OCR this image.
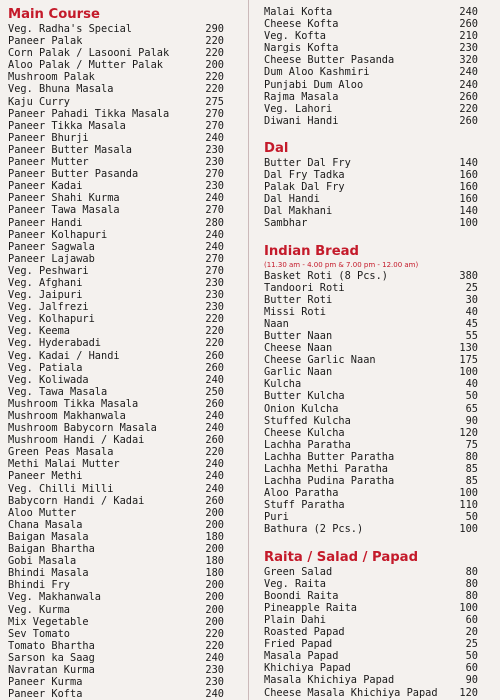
Main Course
Veg. Radha's Special	290
Paneer Palak	220
Corn Palak / Lasooni Palak	220
Aloo Palak / Mutter Palak	200
Mushroom Palak	220
Veg. Bhuna Masala	220
Kaju Curry	275
Paneer Pahadi Tikka Masala	270
Paneer Tikka Masala	270
Paneer Bhurji	240
Paneer Butter Masala	230
Paneer Mutter	230
Paneer Butter Pasanda	270
Paneer Kadai	230
Paneer Shahi Kurma	240
Paneer Tawa Masala	270
Paneer Handi	280
Paneer Kolhapuri	240
Paneer Sagwala	240
Paneer Lajawab	270
Veg. Peshwari	270
Veg. Afghani	230
Veg. Jaipuri	230
Veg. Jalfrezi	230
Veg. Kolhapuri	220
Veg. Keema	220
Veg. Hyderabadi	220
Veg. Kadai / Handi	260
Veg. Patiala	260
Veg. Koliwada	240
Veg. Tawa Masala	250
Mushroom Tikka Masala	260
Mushroom Makhanwala	240
Mushroom Babycorn Masala	240
Mushroom Handi / Kadai	260
Green Peas Masala	220
Methi Malai Mutter	240
Paneer Methi	240
Veg. Chilli Milli	240
Babycorn Handi / Kadai	260
Aloo Mutter	200
Chana Masala	200
Baigan Masala	180
Baigan Bhartha	200
Gobi Masala	180
Bhindi Masala	180
Bhindi Fry	200
Veg. Makhanwala	200
Veg. Kurma	200
Mix Vegetable	200
Sev Tomato	220
Tomato Bhartha	220
Sarson ka Saag	240
Navratan Kurma	230
Paneer Kurma	230
Paneer Kofta	240
Malai Kofta	240
Cheese Kofta	260
Veg. Kofta	210
Nargis Kofta	230
Cheese Butter Pasanda	320
Dum Aloo Kashmiri	240
Punjabi Dum Aloo	240
Rajma Masala	260
Veg. Lahori	220
Diwani Handi	260
Dal
Butter Dal Fry	140
Dal Fry Tadka	160
Palak Dal Fry	160
Dal Handi	160
Dal Makhani	140
Sambhar	100
Indian Bread
(11.30 am - 4.00 pm & 7.00 pm - 12.00 am)
Basket Roti (8 Pcs.)	380
Tandoori Roti	25
Butter Roti	30
Missi Roti	40
Naan	45
Butter Naan	55
Cheese Naan	130
Cheese Garlic Naan	175
Garlic Naan	100
Kulcha	40
Butter Kulcha	50
Onion Kulcha	65
Stuffed Kulcha	90
Cheese Kulcha	120
Lachha Paratha	75
Lachha Butter Paratha	80
Lachha Methi Paratha	85
Lachha Pudina Paratha	85
Aloo Paratha	100
Stuff Paratha	110
Puri	50
Bathura (2 Pcs.)	100
Raita / Salad / Papad
Green Salad	80
Veg. Raita	80
Boondi Raita	80
Pineapple Raita	100
Plain Dahi	60
Roasted Papad	20
Fried Papad	25
Masala Papad	50
Khichiya Papad	60
Masala Khichiya Papad	90
Cheese Masala Khichiya Papad	120
